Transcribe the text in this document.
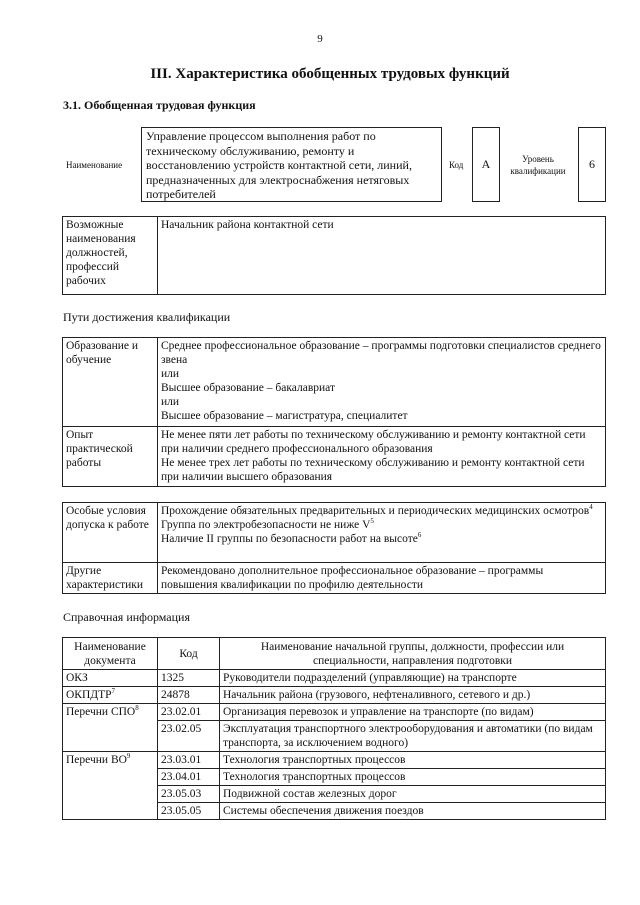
9
III. Характеристика обобщенных трудовых функций
3.1. Обобщенная трудовая функция
Наименование
Управление процессом выполнения работ по техническому обслуживанию, ремонту и восстановлению устройств контактной сети, линий, предназначенных для электроснабжения нетяговых потребителей
Код А	Уровень квалификации	6
Возможные наименования должностей, профессий рабочих	Начальник района контактной сети
Пути достижения квалификации
Образование и обучение	Среднее профессиональное образование – программы подготовки специалистов среднего звена
или
Высшее образование – бакалавриат
или
Высшее образование – магистратура, специалитет

Опыт практической работы	Не менее пяти лет работы по техническому обслуживанию и ремонту контактной сети при наличии среднего профессионального образования
Не менее трех лет работы по техническому обслуживанию и ремонту контактной сети при наличии высшего образования
Особые условия допуска к работе	Прохождение обязательных предварительных и периодических медицинских осмотров$^4$
Группа по электробезопасности не ниже $V^5$
Наличие II группы по безопасности работ на высоте$^6$

Другие характеристики	Рекомендовано дополнительное профессиональное образование – программы повышения квалификации по профилю деятельности
Справочная информация
Наименование документа	Код	Наименование начальной группы, должности, профессии или специальности, направления подготовки
ОКЗ	1325	Руководители подразделений (управляющие) на транспорте
ОКПДТР$^7$	24878	Начальник района (грузового, нефтеналивного, сетевого и др.)
Перечни СПО$^8$	23.02.01	Организация перевозок и управление на транспорте (по видам)
	23.02.05	Эксплуатация транспортного электрооборудования и автоматики (по видам транспорта, за исключением водного)
Перечни $ВО^9$	23.03.01	Технология транспортных процессов
	23.04.01	Технология транспортных процессов
	23.05.03	Подвижной состав железных дорог
	23.05.05	Системы обеспечения движения поездов
